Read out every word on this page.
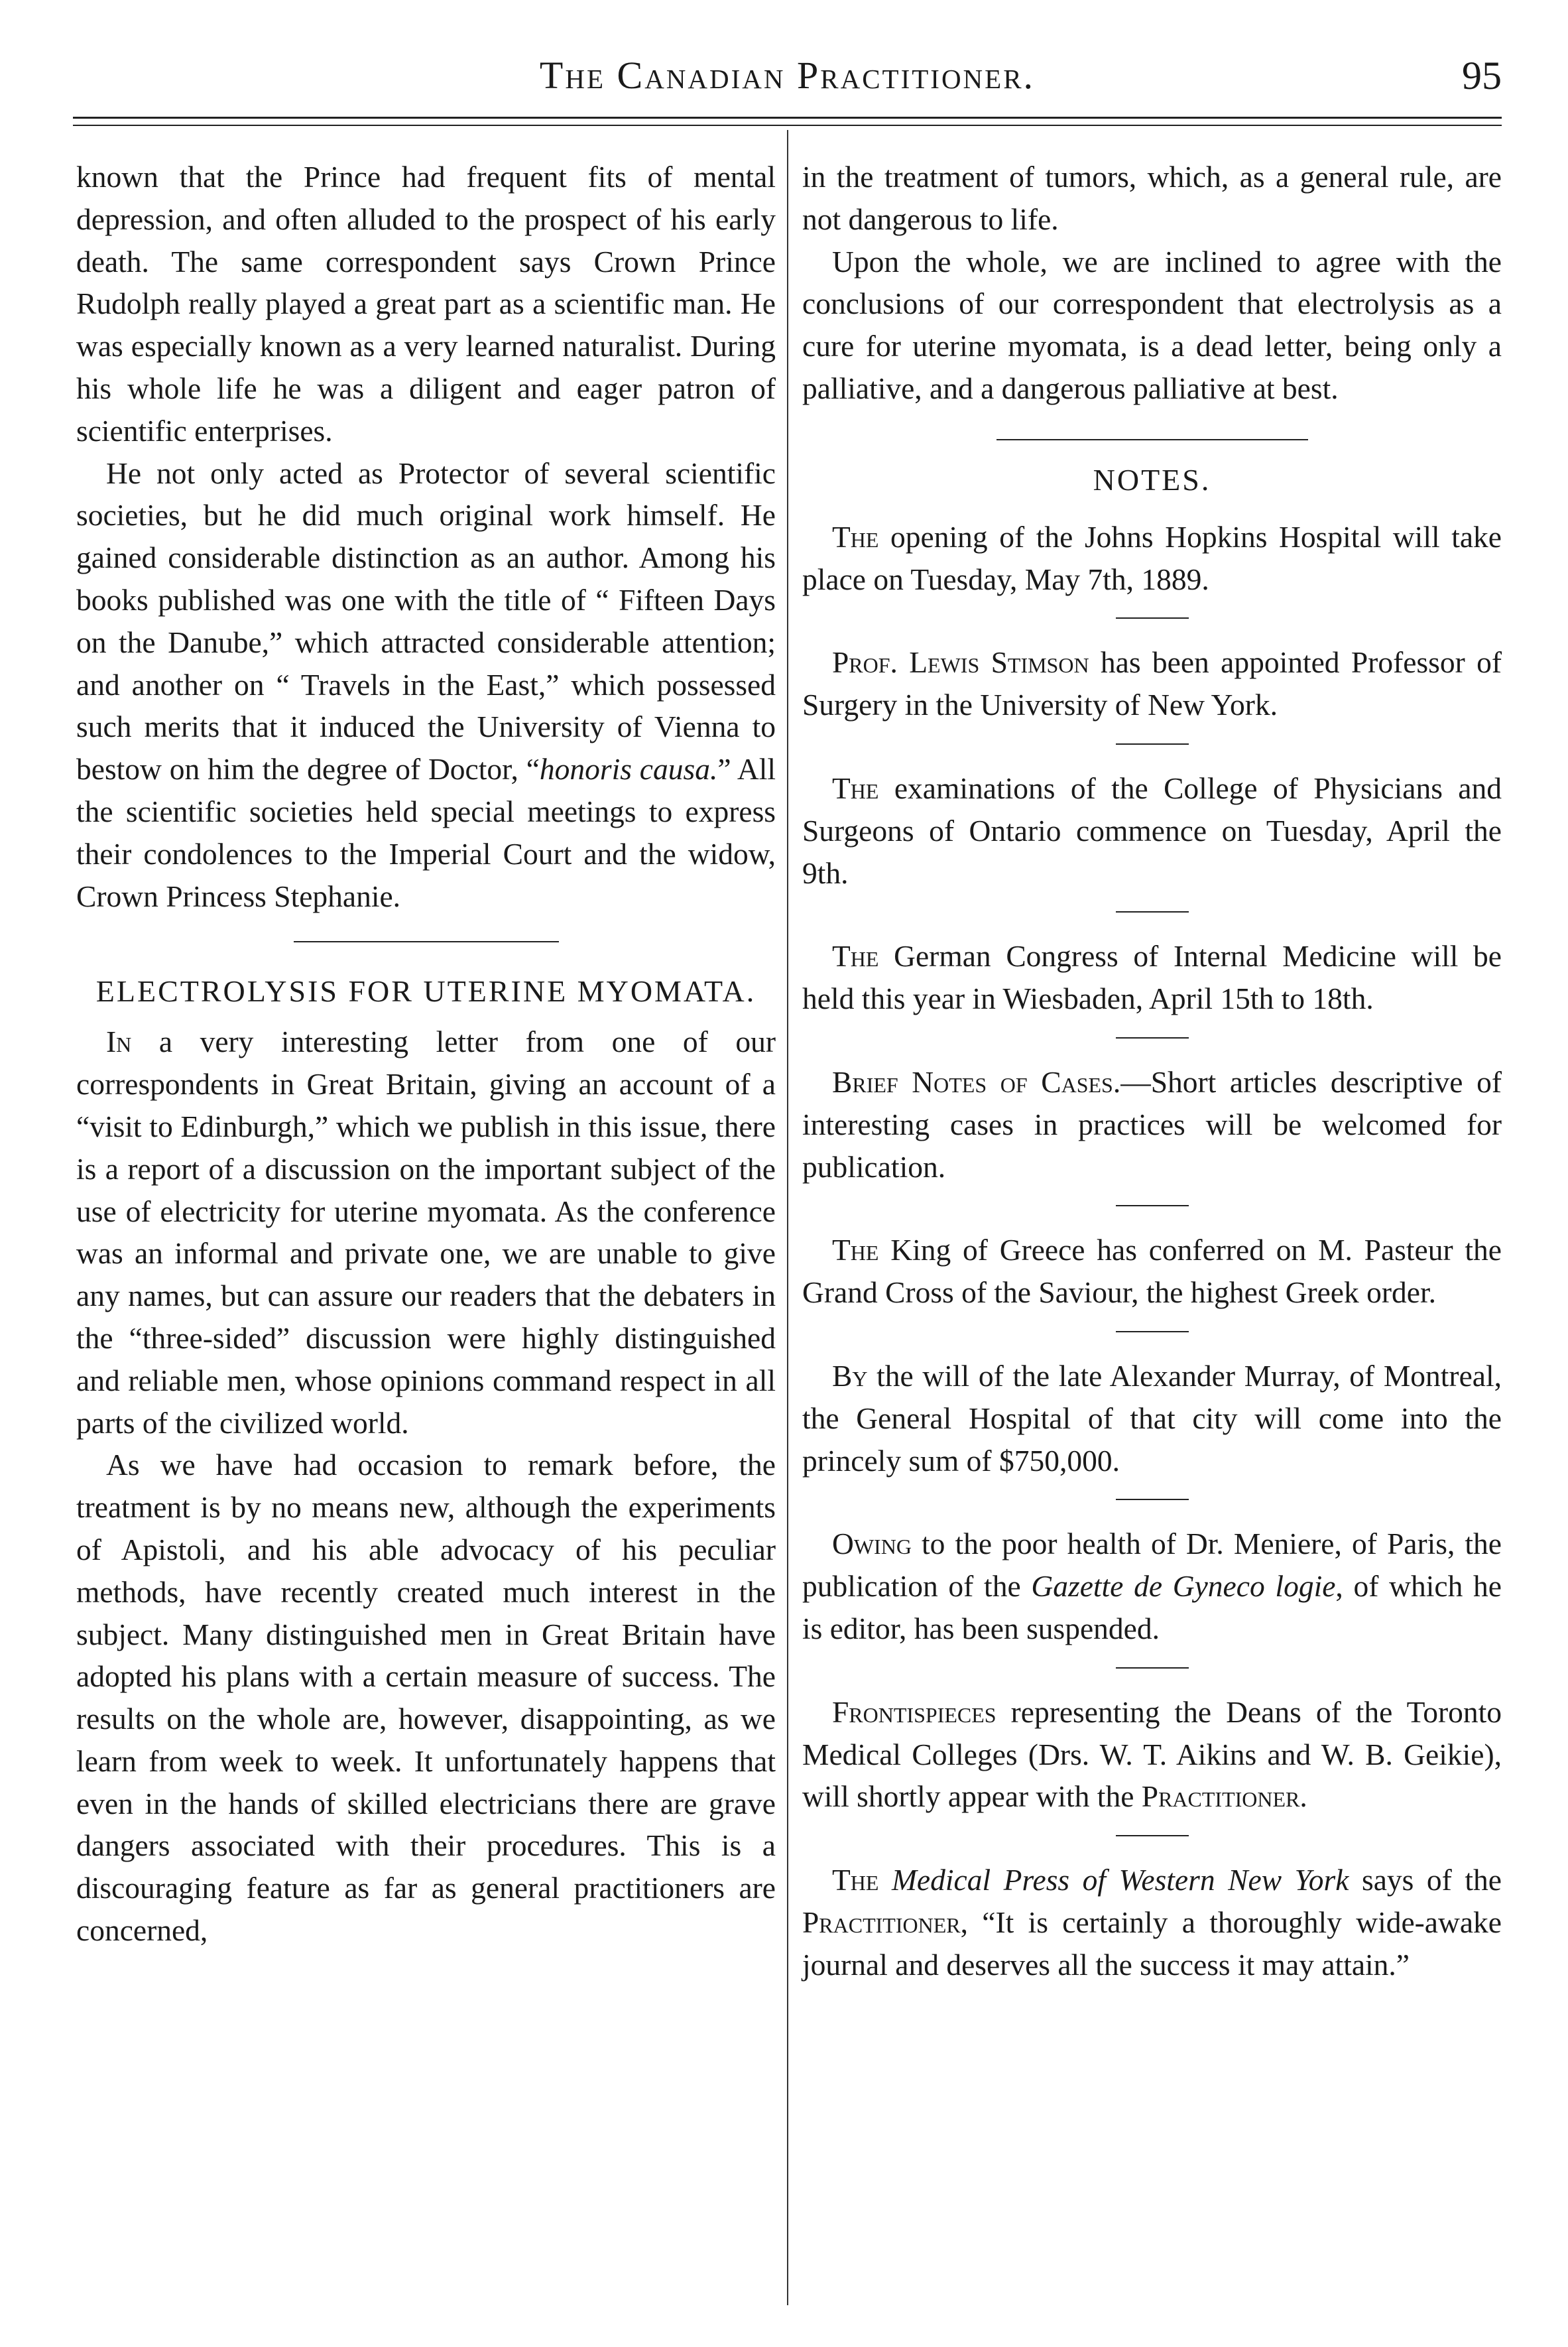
The Canadian Practitioner.	95

known that the Prince had frequent fits of mental depression, and often alluded to the prospect of his early death. The same correspondent says Crown Prince Rudolph really played a great part as a scientific man. He was especially known as a very learned naturalist. During his whole life he was a diligent and eager patron of scientific enterprises.

He not only acted as Protector of several scientific societies, but he did much original work himself. He gained considerable distinction as an author. Among his books published was one with the title of “ Fifteen Days on the Danube,” which attracted considerable attention; and another on “ Travels in the East,” which possessed such merits that it induced the University of Vienna to bestow on him the degree of Doctor, “honoris causa.” All the scientific societies held special meetings to express their condolences to the Imperial Court and the widow, Crown Princess Stephanie.

ELECTROLYSIS FOR UTERINE MYOMATA.

In a very interesting letter from one of our correspondents in Great Britain, giving an account of a “visit to Edinburgh,” which we publish in this issue, there is a report of a discussion on the important subject of the use of electricity for uterine myomata. As the conference was an informal and private one, we are unable to give any names, but can assure our readers that the debaters in the “three-sided” discussion were highly distinguished and reliable men, whose opinions command respect in all parts of the civilized world.

As we have had occasion to remark before, the treatment is by no means new, although the experiments of Apistoli, and his able advocacy of his peculiar methods, have recently created much interest in the subject. Many distinguished men in Great Britain have adopted his plans with a certain measure of success. The results on the whole are, however, disappointing, as we learn from week to week. It unfortunately happens that even in the hands of skilled electricians there are grave dangers associated with their procedures. This is a discouraging feature as far as general practitioners are concerned,

in the treatment of tumors, which, as a general rule, are not dangerous to life.

Upon the whole, we are inclined to agree with the conclusions of our correspondent that electrolysis as a cure for uterine myomata, is a dead letter, being only a palliative, and a dangerous palliative at best.

NOTES.

The opening of the Johns Hopkins Hospital will take place on Tuesday, May 7th, 1889.

Prof. Lewis Stimson has been appointed Professor of Surgery in the University of New York.

The examinations of the College of Physicians and Surgeons of Ontario commence on Tuesday, April the 9th.

The German Congress of Internal Medicine will be held this year in Wiesbaden, April 15th to 18th.

Brief Notes of Cases.—Short articles descriptive of interesting cases in practices will be welcomed for publication.

The King of Greece has conferred on M. Pasteur the Grand Cross of the Saviour, the highest Greek order.

By the will of the late Alexander Murray, of Montreal, the General Hospital of that city will come into the princely sum of $750,000.

Owing to the poor health of Dr. Meniere, of Paris, the publication of the Gazette de Gyneco logie, of which he is editor, has been suspended.

Frontispieces representing the Deans of the Toronto Medical Colleges (Drs. W. T. Aikins and W. B. Geikie), will shortly appear with the Practitioner.

The Medical Press of Western New York says of the Practitioner, “It is certainly a thoroughly wide-awake journal and deserves all the success it may attain.”
